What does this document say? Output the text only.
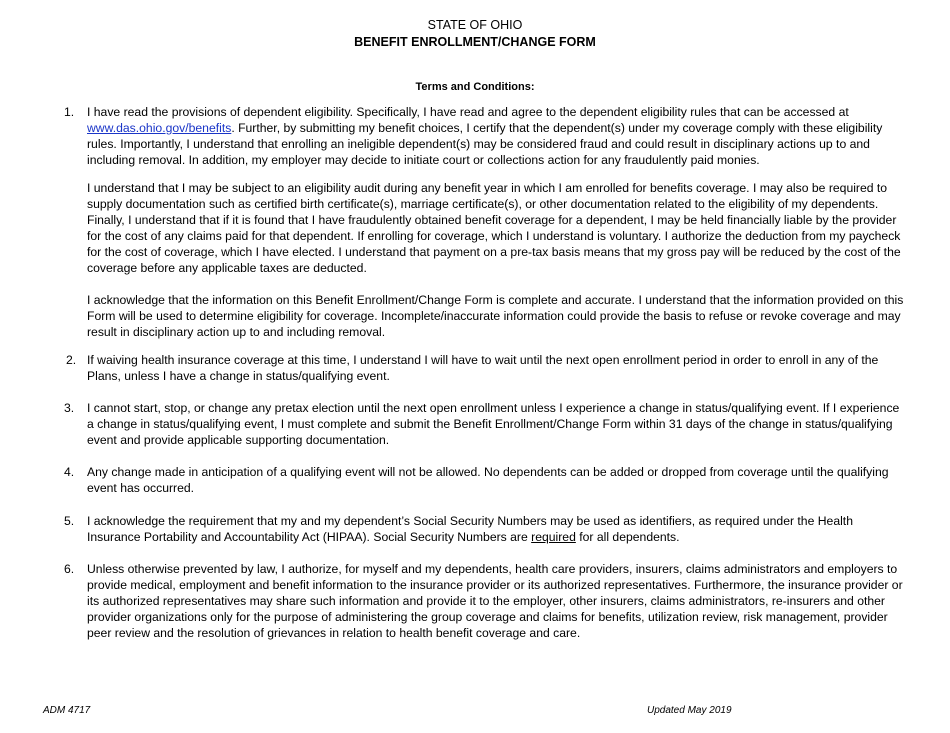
STATE OF OHIO
BENEFIT ENROLLMENT/CHANGE FORM
Terms and Conditions:
1. I have read the provisions of dependent eligibility. Specifically, I have read and agree to the dependent eligibility rules that can be accessed at www.das.ohio.gov/benefits. Further, by submitting my benefit choices, I certify that the dependent(s) under my coverage comply with these eligibility rules. Importantly, I understand that enrolling an ineligible dependent(s) may be considered fraud and could result in disciplinary actions up to and including removal. In addition, my employer may decide to initiate court or collections action for any fraudulently paid monies.

I understand that I may be subject to an eligibility audit during any benefit year in which I am enrolled for benefits coverage. I may also be required to supply documentation such as certified birth certificate(s), marriage certificate(s), or other documentation related to the eligibility of my dependents. Finally, I understand that if it is found that I have fraudulently obtained benefit coverage for a dependent, I may be held financially liable by the provider for the cost of any claims paid for that dependent. If enrolling for coverage, which I understand is voluntary. I authorize the deduction from my paycheck for the cost of coverage, which I have elected. I understand that payment on a pre-tax basis means that my gross pay will be reduced by the cost of the coverage before any applicable taxes are deducted.

I acknowledge that the information on this Benefit Enrollment/Change Form is complete and accurate. I understand that the information provided on this Form will be used to determine eligibility for coverage. Incomplete/inaccurate information could provide the basis to refuse or revoke coverage and may result in disciplinary action up to and including removal.

2. If waiving health insurance coverage at this time, I understand I will have to wait until the next open enrollment period in order to enroll in any of the Plans, unless I have a change in status/qualifying event.

3. I cannot start, stop, or change any pretax election until the next open enrollment unless I experience a change in status/qualifying event. If I experience a change in status/qualifying event, I must complete and submit the Benefit Enrollment/Change Form within 31 days of the change in status/qualifying event and provide applicable supporting documentation.

4. Any change made in anticipation of a qualifying event will not be allowed. No dependents can be added or dropped from coverage until the qualifying event has occurred.

5. I acknowledge the requirement that my and my dependent’s Social Security Numbers may be used as identifiers, as required under the Health Insurance Portability and Accountability Act (HIPAA). Social Security Numbers are required for all dependents.

6. Unless otherwise prevented by law, I authorize, for myself and my dependents, health care providers, insurers, claims administrators and employers to provide medical, employment and benefit information to the insurance provider or its authorized representatives. Furthermore, the insurance provider or its authorized representatives may share such information and provide it to the employer, other insurers, claims administrators, re-insurers and other provider organizations only for the purpose of administering the group coverage and claims for benefits, utilization review, risk management, provider peer review and the resolution of grievances in relation to health benefit coverage and care.

ADM 4717	Updated May 2019
